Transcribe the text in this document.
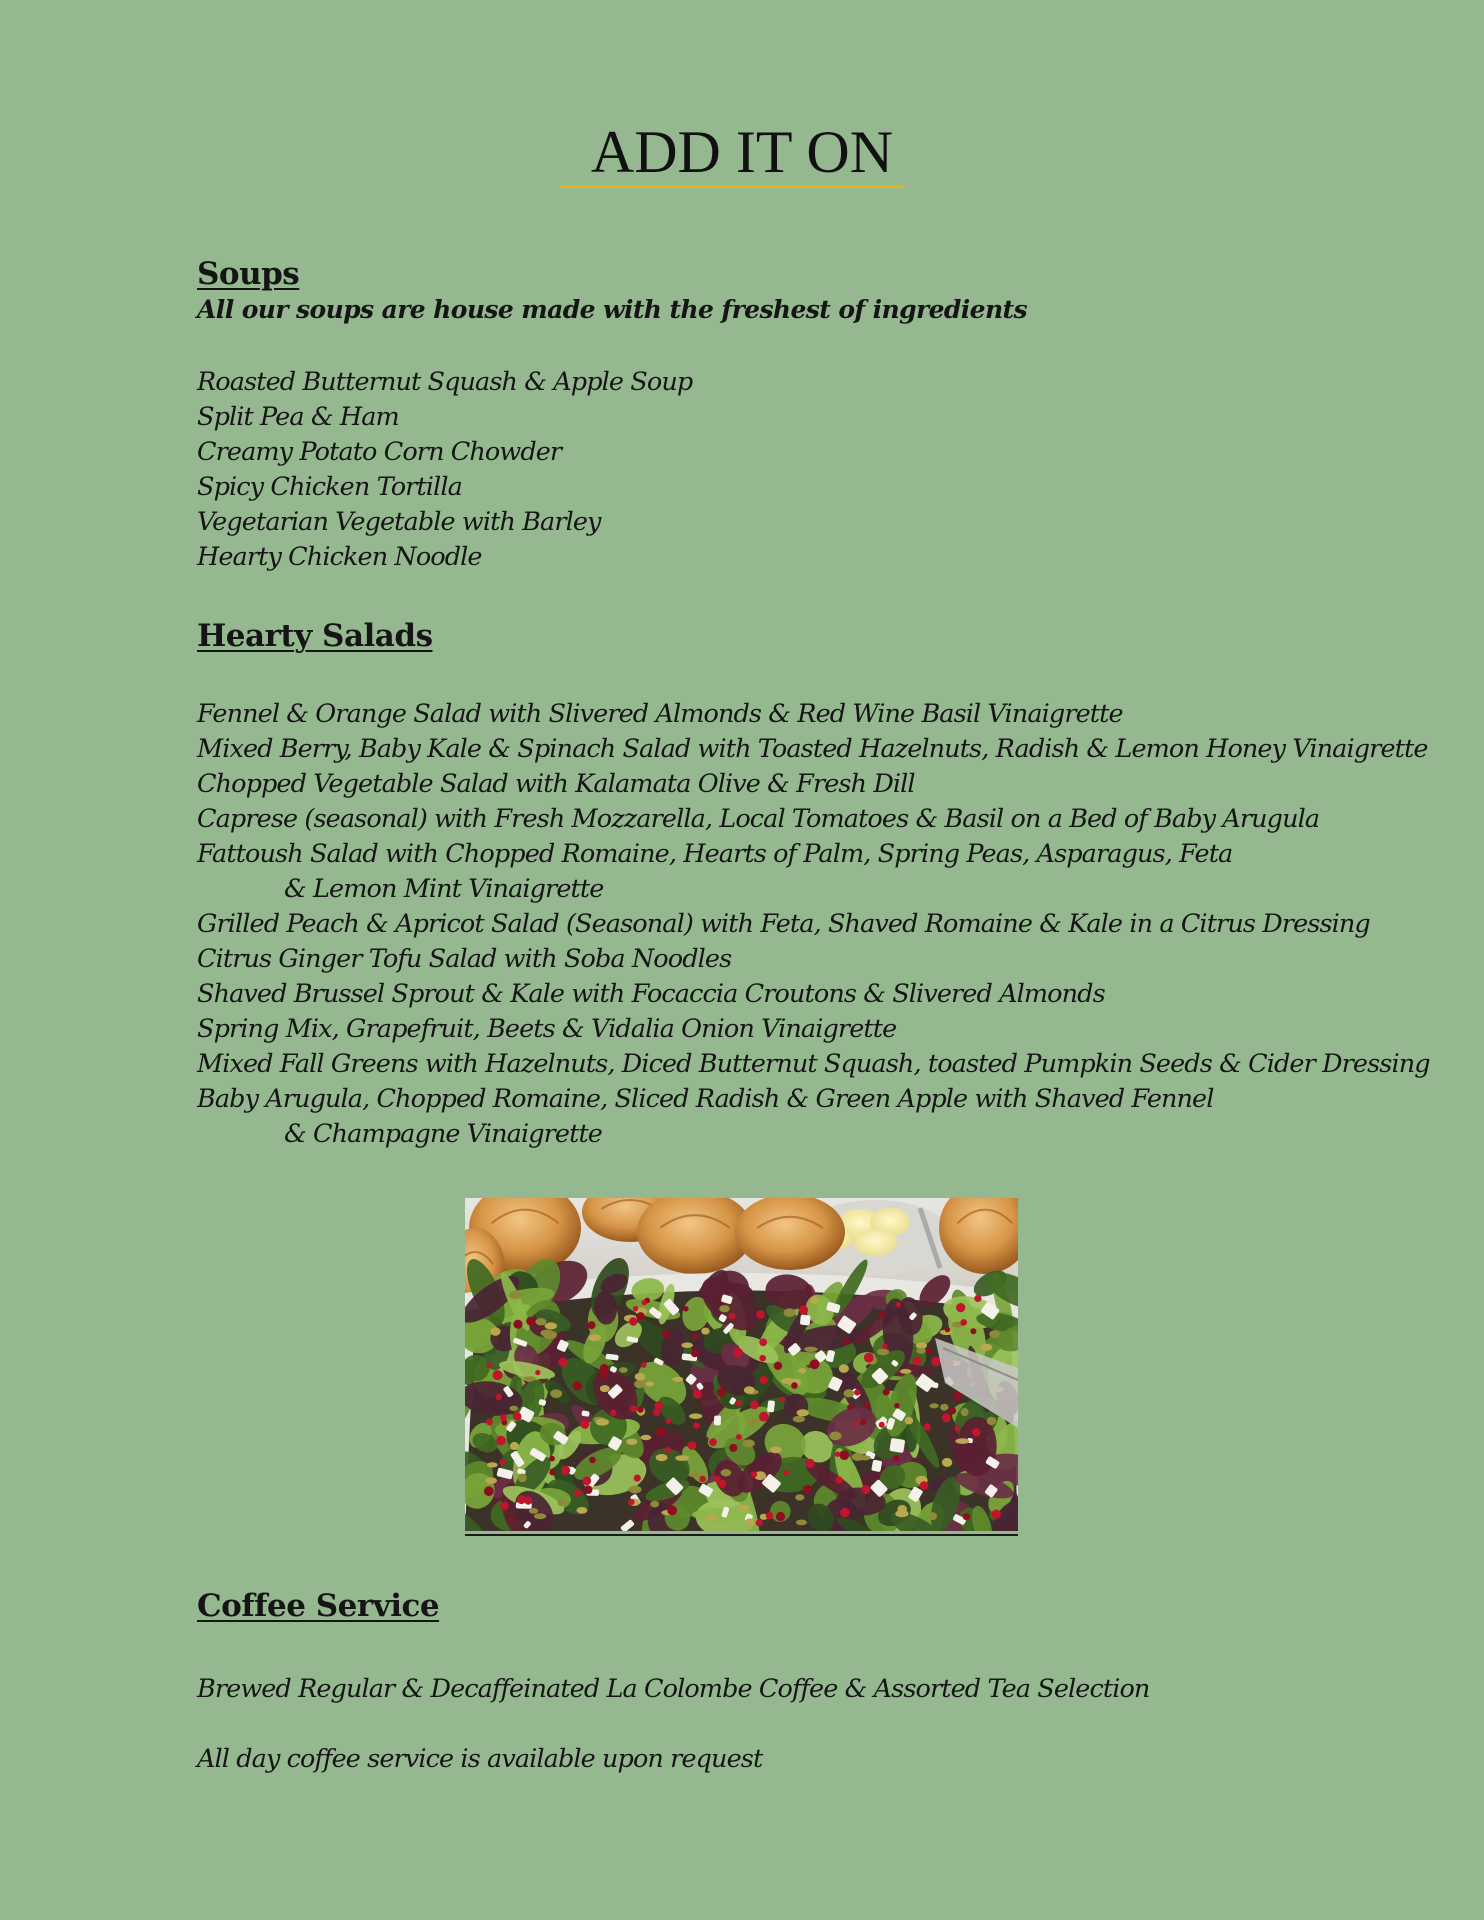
ADD IT ON
Soups
All our soups are house made with the freshest of ingredients
Roasted Butternut Squash & Apple Soup
Split Pea & Ham
Creamy Potato Corn Chowder
Spicy Chicken Tortilla
Vegetarian Vegetable with Barley
Hearty Chicken Noodle
Hearty Salads
Fennel & Orange Salad with Slivered Almonds & Red Wine Basil Vinaigrette
Mixed Berry, Baby Kale & Spinach Salad with Toasted Hazelnuts, Radish & Lemon Honey Vinaigrette
Chopped Vegetable Salad with Kalamata Olive & Fresh Dill
Caprese (seasonal) with Fresh Mozzarella, Local Tomatoes & Basil on a Bed of Baby Arugula
Fattoush Salad with Chopped Romaine, Hearts of Palm, Spring Peas, Asparagus, Feta
& Lemon Mint Vinaigrette
Grilled Peach & Apricot Salad (Seasonal) with Feta, Shaved Romaine & Kale in a Citrus Dressing
Citrus Ginger Tofu Salad with Soba Noodles
Shaved Brussel Sprout & Kale with Focaccia Croutons & Slivered Almonds
Spring Mix, Grapefruit, Beets & Vidalia Onion Vinaigrette
Mixed Fall Greens with Hazelnuts, Diced Butternut Squash, toasted Pumpkin Seeds & Cider Dressing
Baby Arugula, Chopped Romaine, Sliced Radish & Green Apple with Shaved Fennel
& Champagne Vinaigrette
Coffee Service
Brewed Regular & Decaffeinated La Colombe Coffee & Assorted Tea Selection
All day coffee service is available upon request
